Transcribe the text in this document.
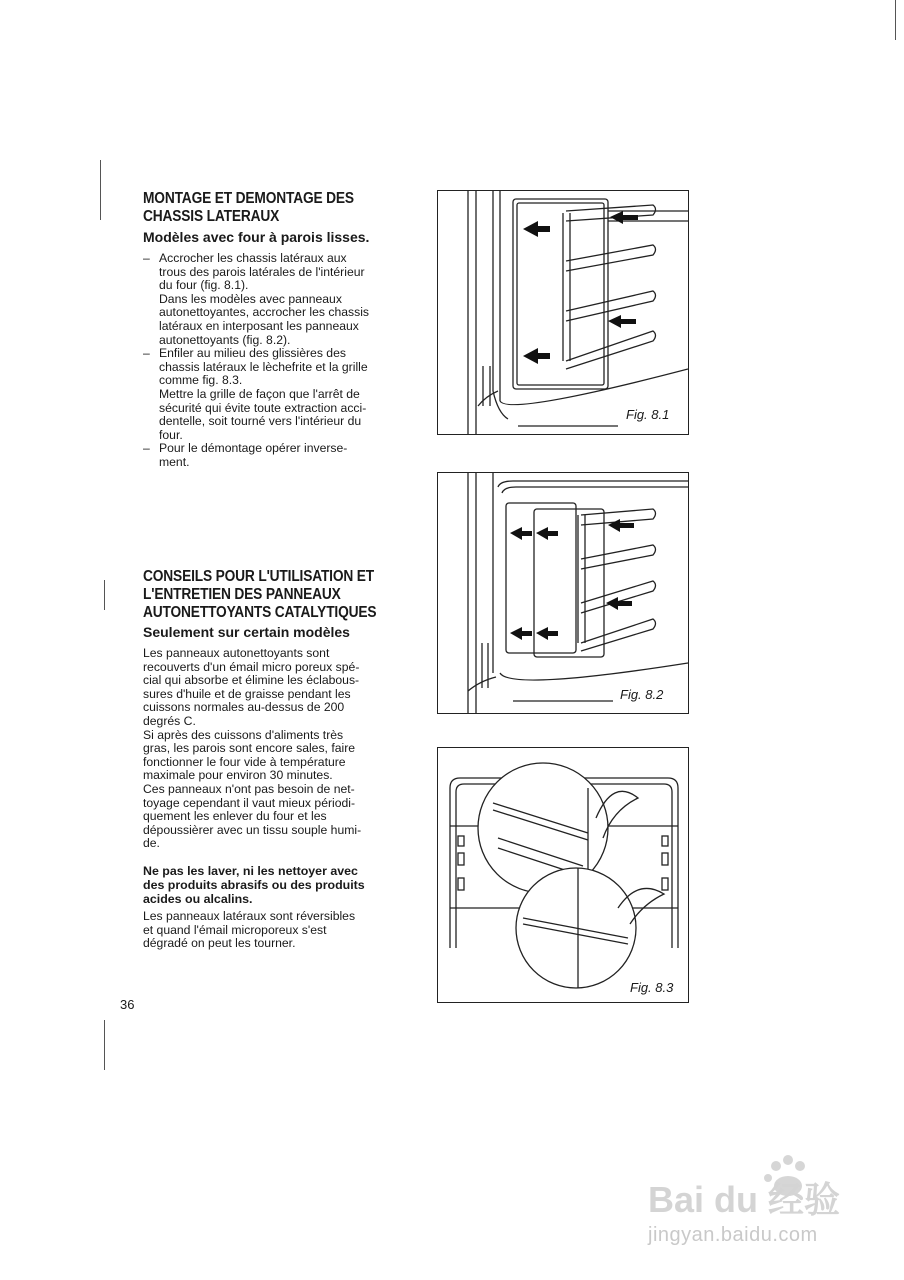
MONTAGE ET DEMONTAGE DES
CHASSIS LATERAUX
Modèles avec four à parois lisses.
– Accrocher les chassis latéraux aux
trous des parois latérales de l'intérieur
du four (fig. 8.1).
Dans les modèles avec panneaux
autonettoyantes, accrocher les chassis
latéraux en interposant les panneaux
autonettoyants (fig. 8.2).
– Enfiler au milieu des glissières des
chassis latéraux le lèchefrite et la grille
comme fig. 8.3.
Mettre la grille de façon que l'arrêt de
sécurité qui évite toute extraction acci-
dentelle, soit tourné vers l'intérieur du
four.
– Pour le démontage opérer inverse-
ment.
CONSEILS POUR L'UTILISATION ET
L'ENTRETIEN DES PANNEAUX
AUTONETTOYANTS CATALYTIQUES
Seulement sur certain modèles
Les panneaux autonettoyants sont
recouverts d'un émail micro poreux spé-
cial qui absorbe et élimine les éclabous-
sures d'huile et de graisse pendant les
cuissons normales au-dessus de 200
degrés C.
Si après des cuissons d'aliments très
gras, les parois sont encore sales, faire
fonctionner le four vide à température
maximale pour environ 30 minutes.
Ces panneaux n'ont pas besoin de net-
toyage cependant il vaut mieux périodi-
quement les enlever du four et les
dépoussièrer avec un tissu souple humi-
de.
Ne pas les laver, ni les nettoyer avec
des produits abrasifs ou des produits
acides ou alcalins.
Les panneaux latéraux sont réversibles
et quand l'émail microporeux s'est
dégradé on peut les tourner.
36
Fig. 8.1
Fig. 8.2
Fig. 8.3
Bai du 经验
jingyan.baidu.com
